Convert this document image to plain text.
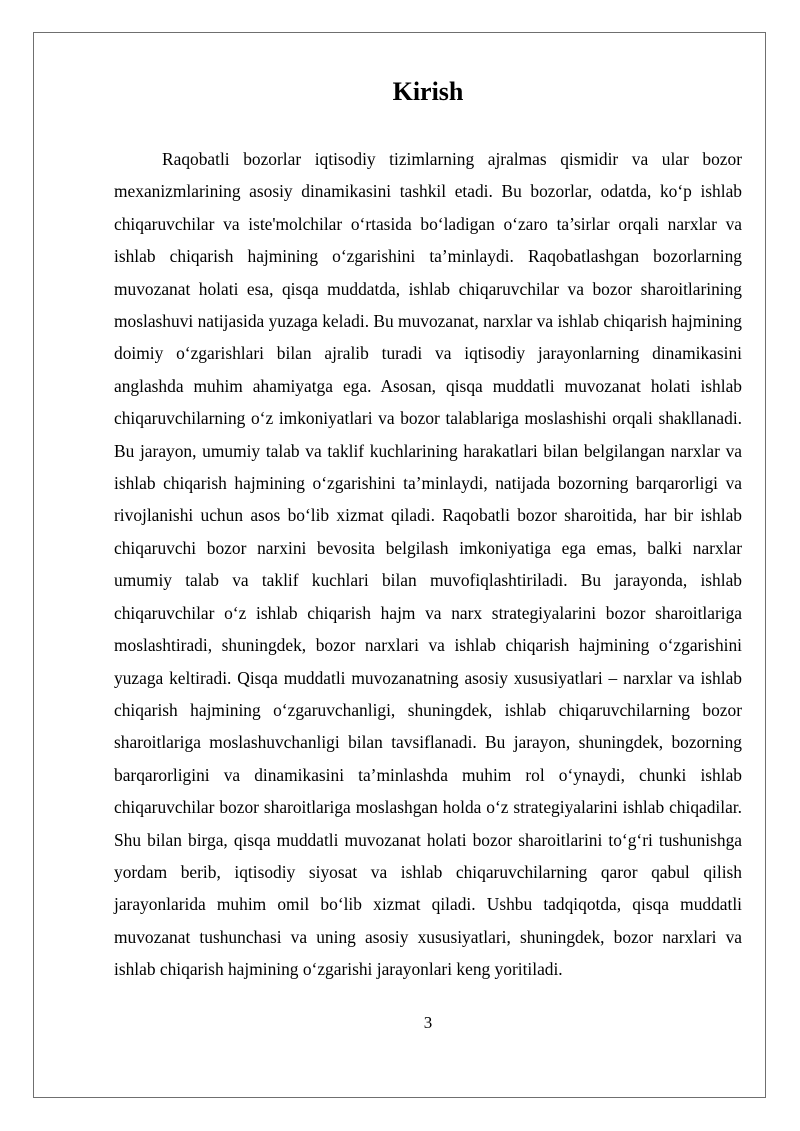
Kirish

Raqobatli bozorlar iqtisodiy tizimlarning ajralmas qismidir va ular bozor mexanizmlarining asosiy dinamikasini tashkil etadi. Bu bozorlar, odatda, ko‘p ishlab chiqaruvchilar va iste'molchilar o‘rtasida bo‘ladigan o‘zaro ta’sirlar orqali narxlar va ishlab chiqarish hajmining o‘zgarishini ta’minlaydi. Raqobatlashgan bozorlarning muvozanat holati esa, qisqa muddatda, ishlab chiqaruvchilar va bozor sharoitlarining moslashuvi natijasida yuzaga keladi. Bu muvozanat, narxlar va ishlab chiqarish hajmining doimiy o‘zgarishlari bilan ajralib turadi va iqtisodiy jarayonlarning dinamikasini anglashda muhim ahamiyatga ega. Asosan, qisqa muddatli muvozanat holati ishlab chiqaruvchilarning o‘z imkoniyatlari va bozor talablariga moslashishi orqali shakllanadi. Bu jarayon, umumiy talab va taklif kuchlarining harakatlari bilan belgilangan narxlar va ishlab chiqarish hajmining o‘zgarishini ta’minlaydi, natijada bozorning barqarorligi va rivojlanishi uchun asos bo‘lib xizmat qiladi. Raqobatli bozor sharoitida, har bir ishlab chiqaruvchi bozor narxini bevosita belgilash imkoniyatiga ega emas, balki narxlar umumiy talab va taklif kuchlari bilan muvofiqlashtiriladi. Bu jarayonda, ishlab chiqaruvchilar o‘z ishlab chiqarish hajm va narx strategiyalarini bozor sharoitlariga moslashtiradi, shuningdek, bozor narxlari va ishlab chiqarish hajmining o‘zgarishini yuzaga keltiradi. Qisqa muddatli muvozanatning asosiy xususiyatlari – narxlar va ishlab chiqarish hajmining o‘zgaruvchanligi, shuningdek, ishlab chiqaruvchilarning bozor sharoitlariga moslashuvchanligi bilan tavsiflanadi. Bu jarayon, shuningdek, bozorning barqarorligini va dinamikasini ta’minlashda muhim rol o‘ynaydi, chunki ishlab chiqaruvchilar bozor sharoitlariga moslashgan holda o‘z strategiyalarini ishlab chiqadilar. Shu bilan birga, qisqa muddatli muvozanat holati bozor sharoitlarini to‘g‘ri tushunishga yordam berib, iqtisodiy siyosat va ishlab chiqaruvchilarning qaror qabul qilish jarayonlarida muhim omil bo‘lib xizmat qiladi. Ushbu tadqiqotda, qisqa muddatli muvozanat tushunchasi va uning asosiy xususiyatlari, shuningdek, bozor narxlari va ishlab chiqarish hajmining o‘zgarishi jarayonlari keng yoritiladi.

3
